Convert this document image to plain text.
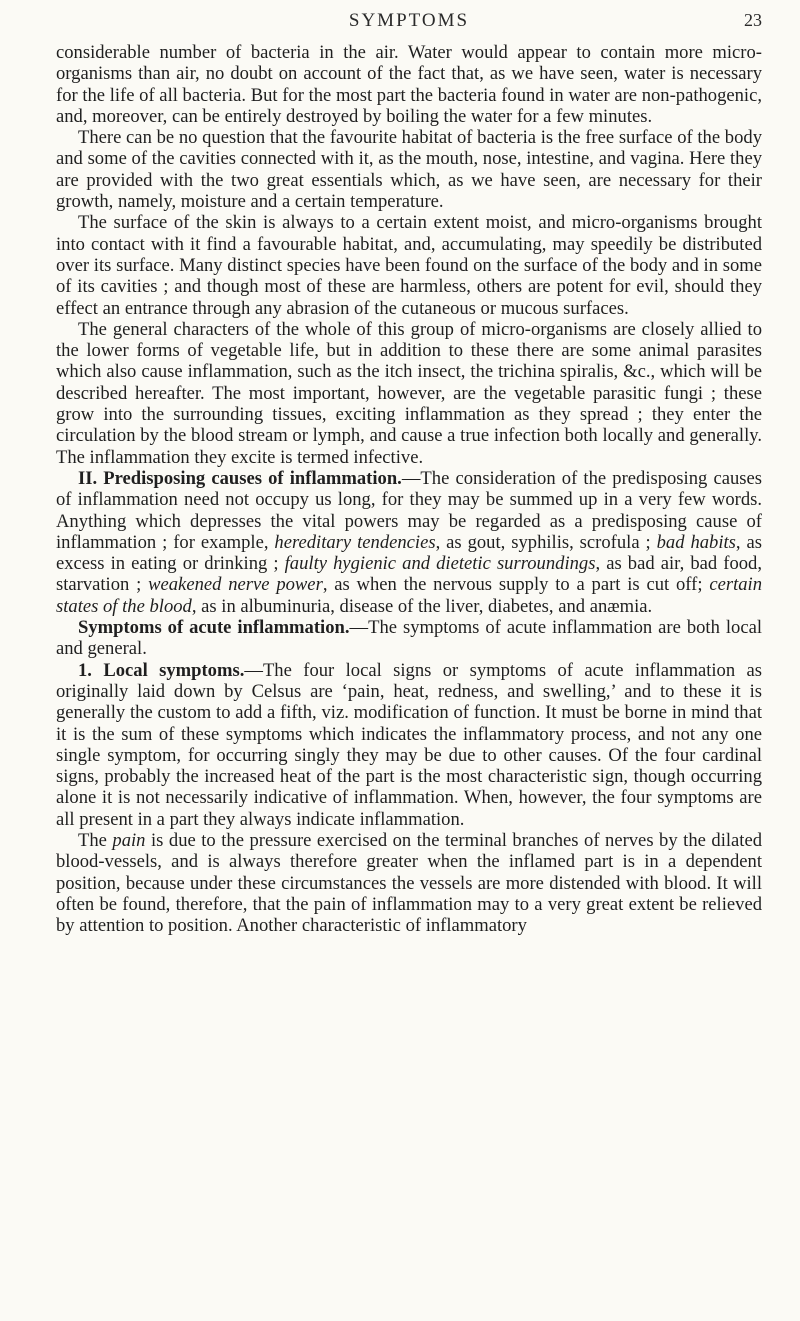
SYMPTOMS	23

considerable number of bacteria in the air. Water would appear to contain more micro-organisms than air, no doubt on account of the fact that, as we have seen, water is necessary for the life of all bacteria. But for the most part the bacteria found in water are non-pathogenic, and, moreover, can be entirely destroyed by boiling the water for a few minutes.

There can be no question that the favourite habitat of bacteria is the free surface of the body and some of the cavities connected with it, as the mouth, nose, intestine, and vagina. Here they are provided with the two great essentials which, as we have seen, are necessary for their growth, namely, moisture and a certain temperature.

The surface of the skin is always to a certain extent moist, and micro-organisms brought into contact with it find a favourable habitat, and, accumulating, may speedily be distributed over its surface. Many distinct species have been found on the surface of the body and in some of its cavities ; and though most of these are harmless, others are potent for evil, should they effect an entrance through any abrasion of the cutaneous or mucous surfaces.

The general characters of the whole of this group of micro-organisms are closely allied to the lower forms of vegetable life, but in addition to these there are some animal parasites which also cause inflammation, such as the itch insect, the trichina spiralis, &c., which will be described hereafter. The most important, however, are the vegetable parasitic fungi ; these grow into the surrounding tissues, exciting inflammation as they spread ; they enter the circulation by the blood stream or lymph, and cause a true infection both locally and generally. The inflammation they excite is termed infective.

II. Predisposing causes of inflammation.—The consideration of the predisposing causes of inflammation need not occupy us long, for they may be summed up in a very few words. Anything which depresses the vital powers may be regarded as a predisposing cause of inflammation ; for example, hereditary tendencies, as gout, syphilis, scrofula ; bad habits, as excess in eating or drinking ; faulty hygienic and dietetic surroundings, as bad air, bad food, starvation ; weakened nerve power, as when the nervous supply to a part is cut off; certain states of the blood, as in albuminuria, disease of the liver, diabetes, and anæmia.

Symptoms of acute inflammation.—The symptoms of acute inflammation are both local and general.

1. Local symptoms.—The four local signs or symptoms of acute inflammation as originally laid down by Celsus are ‘pain, heat, redness, and swelling,’ and to these it is generally the custom to add a fifth, viz. modification of function. It must be borne in mind that it is the sum of these symptoms which indicates the inflammatory process, and not any one single symptom, for occurring singly they may be due to other causes. Of the four cardinal signs, probably the increased heat of the part is the most characteristic sign, though occurring alone it is not necessarily indicative of inflammation. When, however, the four symptoms are all present in a part they always indicate inflammation.

The pain is due to the pressure exercised on the terminal branches of nerves by the dilated blood-vessels, and is always therefore greater when the inflamed part is in a dependent position, because under these circumstances the vessels are more distended with blood. It will often be found, therefore, that the pain of inflammation may to a very great extent be relieved by attention to position. Another characteristic of inflammatory
